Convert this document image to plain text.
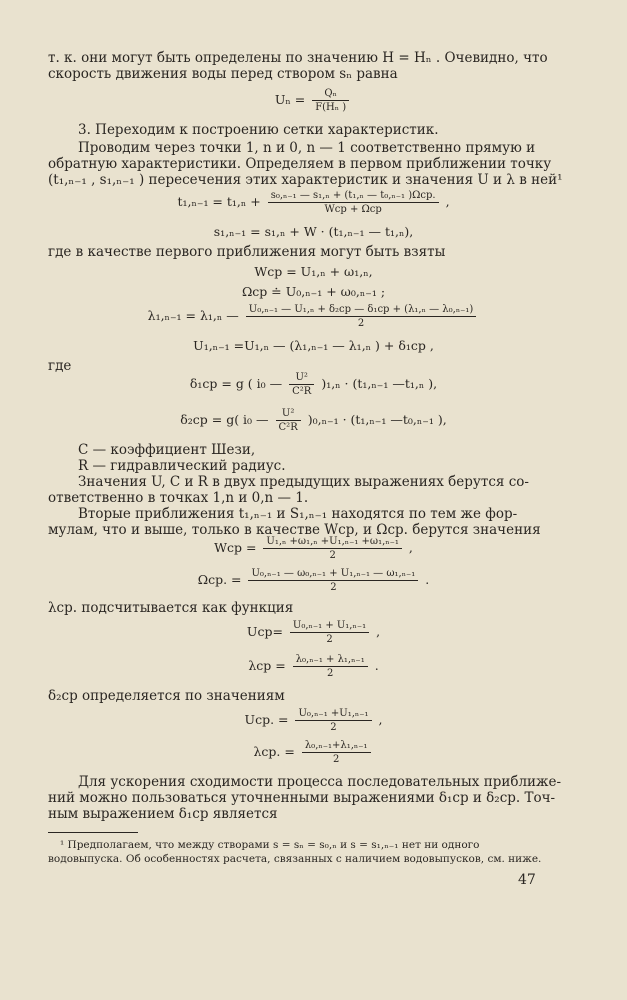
т. к. они могут быть определены по значению H = Hₙ . Очевидно, что
скорость движения воды перед створом sₙ равна
$U_n = \frac{\text{Qₙ}}{\text{F(Hₙ )}}$
3. Переходим к построению сетки характеристик.
Проводим через точки 1, n и 0, n — 1 соответственно прямую и
обратную характеристики. Определяем в первом приближении точку
(t₁,ₙ₋₁ , s₁,ₙ₋₁ ) пересечения этих характеристик и значения U и λ в ней¹
$t_1,_{n-1} = t_1,_n + \frac{\text{s₀,ₙ₋₁ — s₁,ₙ + (t₁,ₙ — t₀,ₙ₋₁ )Ωср.}}{\text{Wср + Ωср}}$ ,
s₁,ₙ₋₁ = s₁,ₙ + W · (t₁,ₙ₋₁ — t₁,ₙ),
где в качестве первого приближения могут быть взяты
Wср = U₁,ₙ + ω₁,ₙ,
Ωср ≐ U₀,ₙ₋₁ + ω₀,ₙ₋₁ ;
λ₁,ₙ₋₁ = λ₁,ₙ — $\frac{\text{U₀,ₙ₋₁ — U₁,ₙ + δ₂ср — δ₁ср + (λ₁,ₙ — λ₀,ₙ₋₁)}}{2}$
U₁,ₙ₋₁ =U₁,ₙ — (λ₁,ₙ₋₁ — λ₁,ₙ ) + δ₁ср ,
где
δ₁ср = g ( i₀ — $\frac{\text{U²}}{\text{C²R}} )_1,_n \cdot (t_1,_{n-1}$ —t₁,ₙ ),
δ₂ср = g( i₀ — $\frac{\text{U²}}{\text{C²R}} )_0,_{n-1} \cdot (t_1,_{n-1}$ —t₀,ₙ₋₁ ),
C — коэффициент Шези,
R — гидравлический радиус.
Значения U, C и R в двух предыдущих выражениях берутся со-
ответственно в точках 1,n и 0,n — 1.
Вторые приближения t₁,ₙ₋₁ и S₁,ₙ₋₁ находятся по тем же фор-
мулам, что и выше, только в качестве Wср, и Ωср. берутся значения
Wср = $\frac{\text{U₁,ₙ +ω₁,ₙ +U₁,ₙ₋₁ +ω₁,ₙ₋₁}}{2}$ ,
Ωср. = $\frac{\text{U₀,ₙ₋₁ — ω₀,ₙ₋₁ + U₁,ₙ₋₁ — ω₁,ₙ₋₁}}{2}$ .
λср. подсчитывается как функция
$Uср= \frac{\text{U₀,ₙ₋₁ + U₁,ₙ₋₁}}{2}$ ,
$\lambda ср = \frac{\text{λ₀,ₙ₋₁ + λ₁,ₙ₋₁}}{2}$ .
δ₂ср определяется по значениям
Uср. = $\frac{\text{U₀,ₙ₋₁ +U₁,ₙ₋₁}}{2}$ ,
λср. = $\frac{\text{λ₀,ₙ₋₁+λ₁,ₙ₋₁}}{2}$
Для ускорения сходимости процесса последовательных приближе-
ний можно пользоваться уточненными выражениями δ₁ср и δ₂ср. Точ-
ным выражением δ₁ср является
¹ Предполагаем, что между створами s = sₙ = s₀,ₙ и s = s₁,ₙ₋₁ нет ни одного
водовыпуска. Об особенностях расчета, связанных с наличием водовыпусков, см. ниже.
47
